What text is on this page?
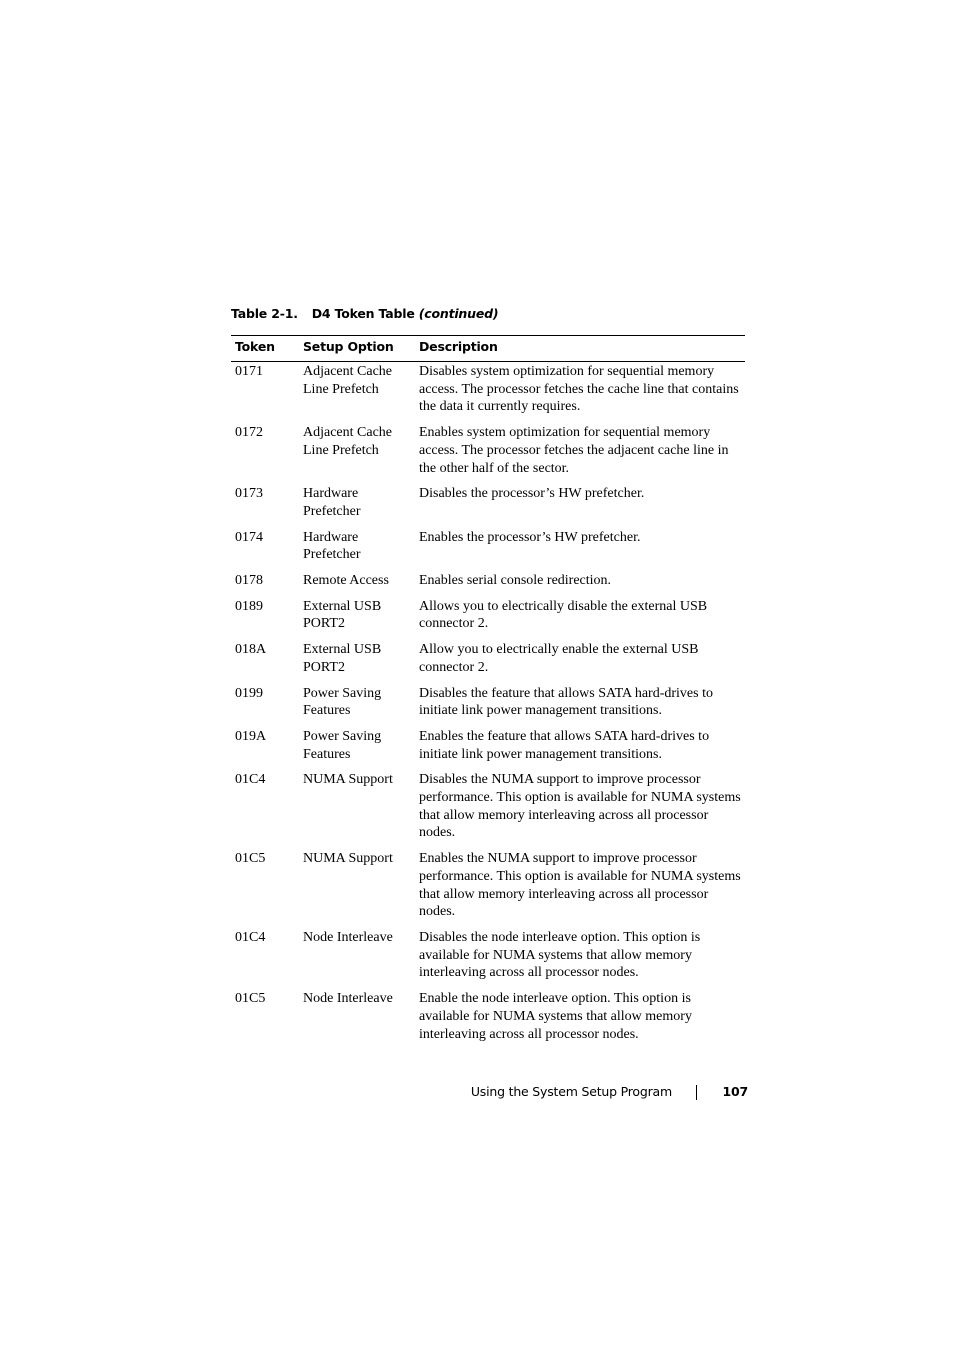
Table 2-1. D4 Token Table (continued)
Token	Setup Option	Description
0171	Adjacent Cache Line Prefetch	Disables system optimization for sequential memory access. The processor fetches the cache line that contains the data it currently requires.
0172	Adjacent Cache Line Prefetch	Enables system optimization for sequential memory access. The processor fetches the adjacent cache line in the other half of the sector.
0173	Hardware Prefetcher	Disables the processor’s HW prefetcher.
0174	Hardware Prefetcher	Enables the processor’s HW prefetcher.
0178	Remote Access	Enables serial console redirection.
0189	External USB PORT2	Allows you to electrically disable the external USB connector 2.
018A	External USB PORT2	Allow you to electrically enable the external USB connector 2.
0199	Power Saving Features	Disables the feature that allows SATA hard-drives to initiate link power management transitions.
019A	Power Saving Features	Enables the feature that allows SATA hard-drives to initiate link power management transitions.
01C4	NUMA Support	Disables the NUMA support to improve processor performance. This option is available for NUMA systems that allow memory interleaving across all processor nodes.
01C5	NUMA Support	Enables the NUMA support to improve processor performance. This option is available for NUMA systems that allow memory interleaving across all processor nodes.
01C4	Node Interleave	Disables the node interleave option. This option is available for NUMA systems that allow memory interleaving across all processor nodes.
01C5	Node Interleave	Enable the node interleave option. This option is available for NUMA systems that allow memory interleaving across all processor nodes.
Using the System Setup Program	107
